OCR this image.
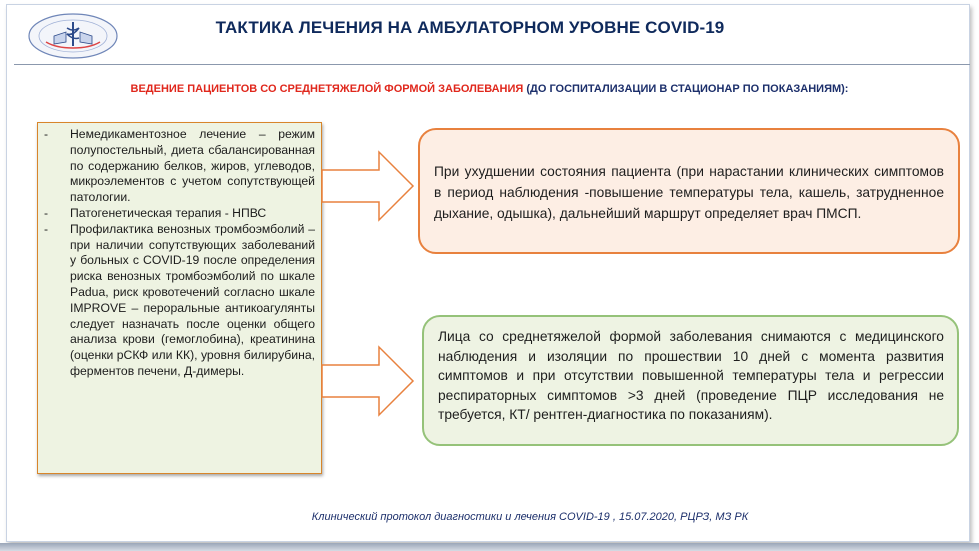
ТАКТИКА ЛЕЧЕНИЯ НА АМБУЛАТОРНОМ УРОВНЕ COVID-19
ВЕДЕНИЕ ПАЦИЕНТОВ СО СРЕДНЕТЯЖЕЛОЙ ФОРМОЙ ЗАБОЛЕВАНИЯ (ДО ГОСПИТАЛИЗАЦИИ В СТАЦИОНАР ПО ПОКАЗАНИЯМ):
- Немедикаментозное лечение – режим полупостельный, диета сбалансированная по содержанию белков, жиров, углеводов, микроэлементов с учетом сопутствующей патологии.
- Патогенетическая терапия - НПВС
- Профилактика венозных тромбоэмболий – при наличии сопутствующих заболеваний у больных с COVID-19 после определения риска венозных тромбоэмболий по шкале Padua, риск кровотечений согласно шкале IMPROVE – пероральные антикоагулянты следует назначать после оценки общего анализа крови (гемоглобина), креатинина (оценки рСКФ или КК), уровня билирубина, ферментов печени, Д-димеры.
При ухудшении состояния пациента (при нарастании клинических симптомов в период наблюдения -повышение температуры тела, кашель, затрудненное дыхание, одышка), дальнейший маршрут определяет врач ПМСП.
Лица со среднетяжелой формой заболевания снимаются с медицинского наблюдения и изоляции по прошествии 10 дней с момента развития симптомов и при отсутствии повышенной температуры тела и регрессии респираторных симптомов >3 дней (проведение ПЦР исследования не требуется, КТ/ рентген-диагностика по показаниям).
Клинический протокол диагностики и лечения COVID-19 , 15.07.2020, РЦРЗ, МЗ РК
